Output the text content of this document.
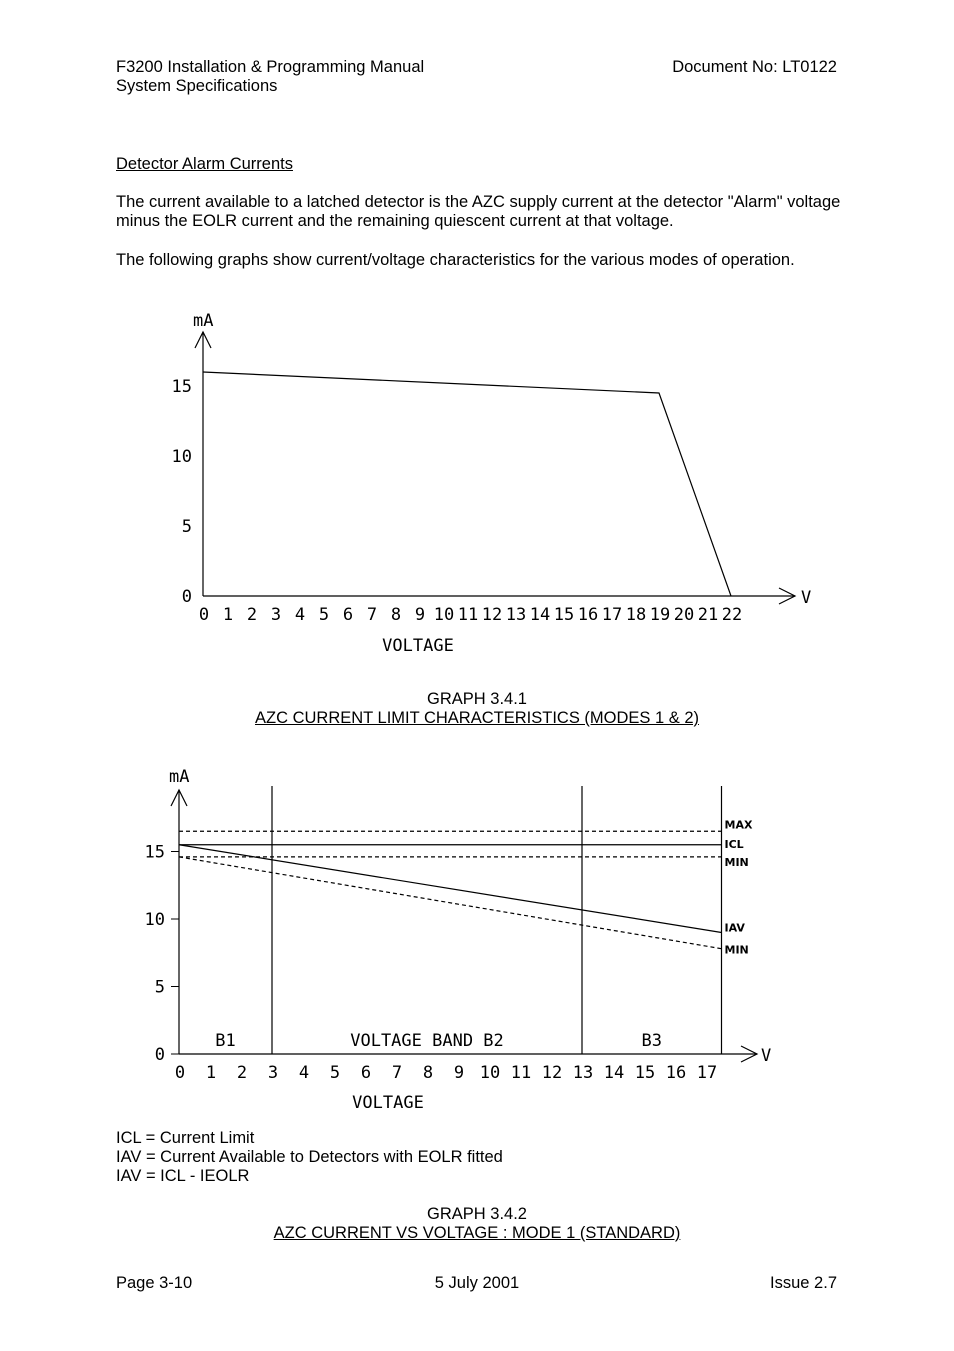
F3200 Installation & Programming Manual
System Specifications
Document No: LT0122
Detector Alarm Currents
The current available to a latched detector is the AZC supply current at the detector "Alarm" voltage minus the EOLR current and the remaining quiescent current at that voltage.
The following graphs show current/voltage characteristics for the various modes of operation.
mA
V
VOLTAGE
0
5
10
15
0 1 2 3 4 5 6 7 8 9 10 11 12 13 14 15 16 17 18 19 20 21 22
mA
V
VOLTAGE
0
5
10
15
0 1 2 3 4 5 6 7 8 9 10 11 12 13 14 15 16 17
B1	VOLTAGE BAND B2	B3
MAX
ICL
MIN
IAV
MIN
GRAPH 3.4.1
AZC CURRENT LIMIT CHARACTERISTICS (MODES 1 & 2)
ICL = Current Limit
IAV = Current Available to Detectors with EOLR fitted
IAV = ICL - IEOLR
GRAPH 3.4.2
AZC CURRENT VS VOLTAGE : MODE 1 (STANDARD)
Page 3-10	5 July 2001	Issue 2.7
